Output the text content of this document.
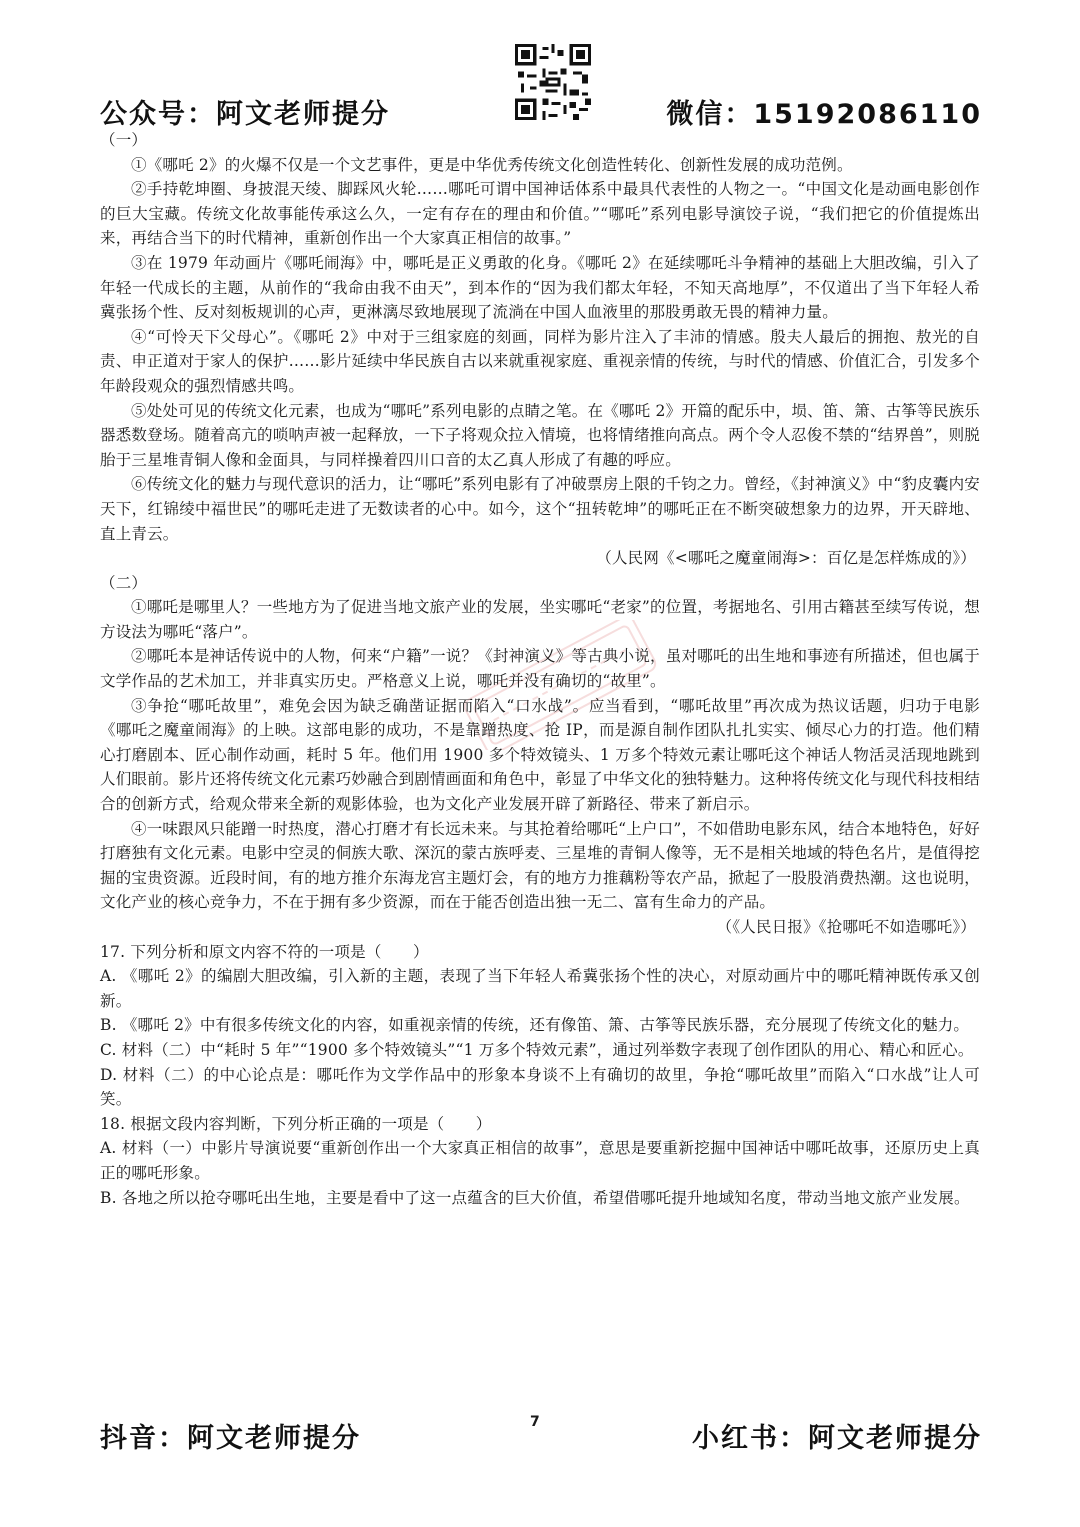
公众号：阿文老师提分	微信：15192086110

（一）

①《哪吒 2》的火爆不仅是一个文艺事件，更是中华优秀传统文化创造性转化、创新性发展的成功范例。

②手持乾坤圈、身披混天绫、脚踩风火轮……哪吒可谓中国神话体系中最具代表性的人物之一。“中国文化是动画电影创作的巨大宝藏。传统文化故事能传承这么久，一定有存在的理由和价值。”“哪吒”系列电影导演饺子说，“我们把它的价值提炼出来，再结合当下的时代精神，重新创作出一个大家真正相信的故事。”

③在 1979 年动画片《哪吒闹海》中，哪吒是正义勇敢的化身。《哪吒 2》在延续哪吒斗争精神的基础上大胆改编，引入了年轻一代成长的主题，从前作的“我命由我不由天”，到本作的“因为我们都太年轻，不知天高地厚”，不仅道出了当下年轻人希冀张扬个性、反对刻板规训的心声，更淋漓尽致地展现了流淌在中国人血液里的那股勇敢无畏的精神力量。

④“可怜天下父母心”。《哪吒 2》中对于三组家庭的刻画，同样为影片注入了丰沛的情感。殷夫人最后的拥抱、敖光的自责、申正道对于家人的保护……影片延续中华民族自古以来就重视家庭、重视亲情的传统，与时代的情感、价值汇合，引发多个年龄段观众的强烈情感共鸣。

⑤处处可见的传统文化元素，也成为“哪吒”系列电影的点睛之笔。在《哪吒 2》开篇的配乐中，埙、笛、箫、古筝等民族乐器悉数登场。随着高亢的唢呐声被一起释放，一下子将观众拉入情境，也将情绪推向高点。两个令人忍俊不禁的“结界兽”，则脱胎于三星堆青铜人像和金面具，与同样操着四川口音的太乙真人形成了有趣的呼应。

⑥传统文化的魅力与现代意识的活力，让“哪吒”系列电影有了冲破票房上限的千钧之力。曾经，《封神演义》中“豹皮囊内安天下，红锦绫中福世民”的哪吒走进了无数读者的心中。如今，这个“扭转乾坤”的哪吒正在不断突破想象力的边界，开天辟地、直上青云。

（人民网《<哪吒之魔童闹海>：百亿是怎样炼成的》）

（二）

①哪吒是哪里人？一些地方为了促进当地文旅产业的发展，坐实哪吒“老家”的位置，考据地名、引用古籍甚至续写传说，想方设法为哪吒“落户”。

②哪吒本是神话传说中的人物，何来“户籍”一说？《封神演义》等古典小说，虽对哪吒的出生地和事迹有所描述，但也属于文学作品的艺术加工，并非真实历史。严格意义上说，哪吒并没有确切的“故里”。

③争抢“哪吒故里”，难免会因为缺乏确凿证据而陷入“口水战”。应当看到，“哪吒故里”再次成为热议话题，归功于电影《哪吒之魔童闹海》的上映。这部电影的成功，不是靠蹭热度、抢 IP，而是源自制作团队扎扎实实、倾尽心力的打造。他们精心打磨剧本、匠心制作动画，耗时 5 年。他们用 1900 多个特效镜头、1 万多个特效元素让哪吒这个神话人物活灵活现地跳到人们眼前。影片还将传统文化元素巧妙融合到剧情画面和角色中，彰显了中华文化的独特魅力。这种将传统文化与现代科技相结合的创新方式，给观众带来全新的观影体验，也为文化产业发展开辟了新路径、带来了新启示。

④一味跟风只能蹭一时热度，潜心打磨才有长远未来。与其抢着给哪吒“上户口”，不如借助电影东风，结合本地特色，好好打磨独有文化元素。电影中空灵的侗族大歌、深沉的蒙古族呼麦、三星堆的青铜人像等，无不是相关地域的特色名片，是值得挖掘的宝贵资源。近段时间，有的地方推介东海龙宫主题灯会，有的地方力推藕粉等农产品，掀起了一股股消费热潮。这也说明，文化产业的核心竞争力，不在于拥有多少资源，而在于能否创造出独一无二、富有生命力的产品。

（《人民日报》《抢哪吒不如造哪吒》）

17. 下列分析和原文内容不符的一项是（　　）

A. 《哪吒 2》的编剧大胆改编，引入新的主题，表现了当下年轻人希冀张扬个性的决心，对原动画片中的哪吒精神既传承又创新。

B. 《哪吒 2》中有很多传统文化的内容，如重视亲情的传统，还有像笛、箫、古筝等民族乐器，充分展现了传统文化的魅力。

C. 材料（二）中“耗时 5 年”“1900 多个特效镜头”“1 万多个特效元素”，通过列举数字表现了创作团队的用心、精心和匠心。

D. 材料（二）的中心论点是：哪吒作为文学作品中的形象本身谈不上有确切的故里，争抢“哪吒故里”而陷入“口水战”让人可笑。

18. 根据文段内容判断，下列分析正确的一项是（　　）

A. 材料（一）中影片导演说要“重新创作出一个大家真正相信的故事”，意思是要重新挖掘中国神话中哪吒故事，还原历史上真正的哪吒形象。

B. 各地之所以抢夺哪吒出生地，主要是看中了这一点蕴含的巨大价值，希望借哪吒提升地域知名度，带动当地文旅产业发展。

7
抖音：阿文老师提分	小红书：阿文老师提分
